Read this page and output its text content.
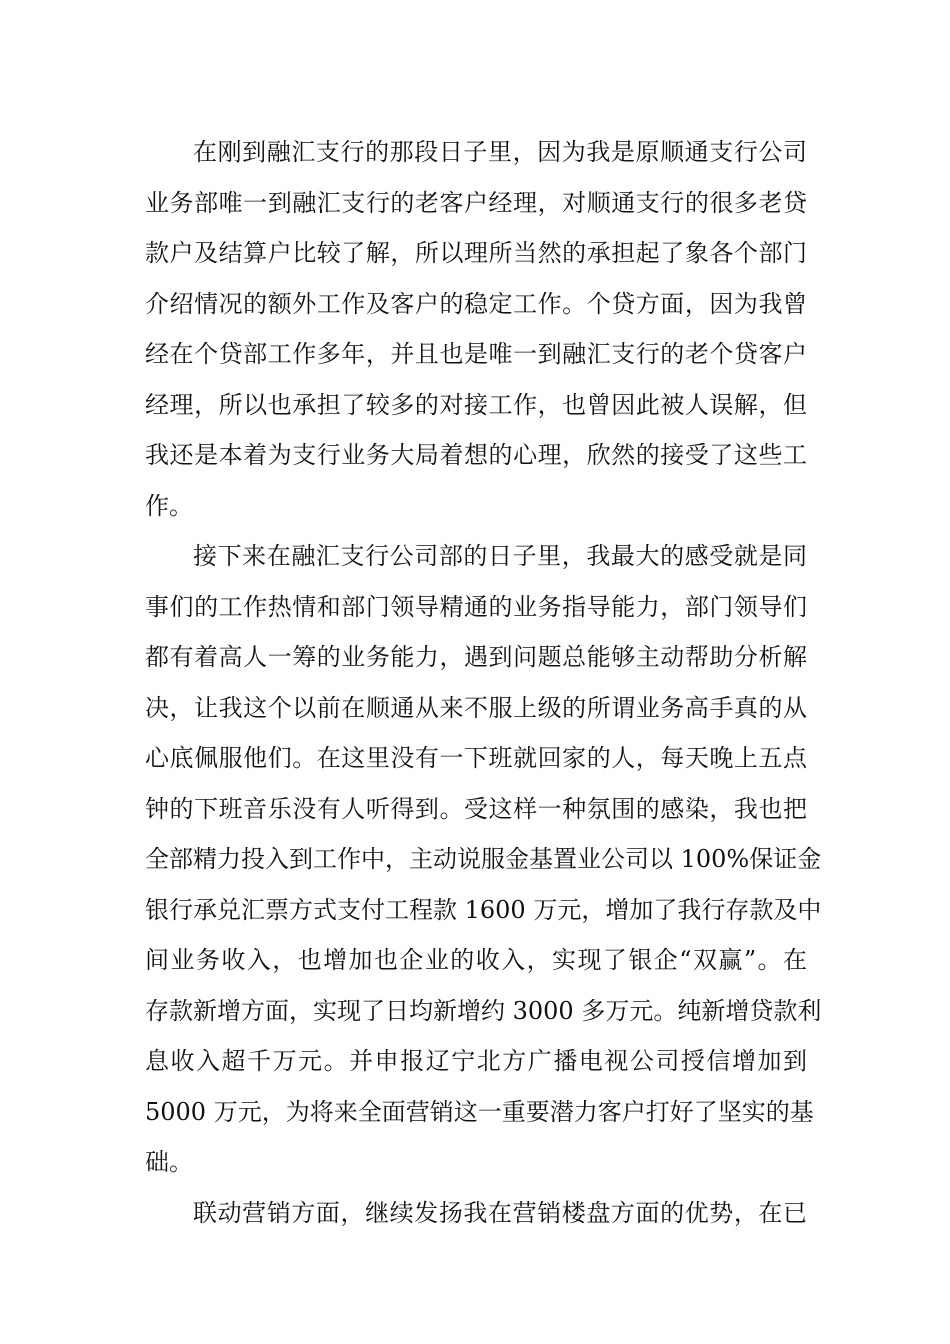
在刚到融汇支行的那段日子里，因为我是原顺通支行公司
业务部唯一到融汇支行的老客户经理，对顺通支行的很多老贷
款户及结算户比较了解，所以理所当然的承担起了象各个部门
介绍情况的额外工作及客户的稳定工作。个贷方面，因为我曾
经在个贷部工作多年，并且也是唯一到融汇支行的老个贷客户
经理，所以也承担了较多的对接工作，也曾因此被人误解，但
我还是本着为支行业务大局着想的心理，欣然的接受了这些工
作。
接下来在融汇支行公司部的日子里，我最大的感受就是同
事们的工作热情和部门领导精通的业务指导能力，部门领导们
都有着高人一筹的业务能力，遇到问题总能够主动帮助分析解
决，让我这个以前在顺通从来不服上级的所谓业务高手真的从
心底佩服他们。在这里没有一下班就回家的人，每天晚上五点
钟的下班音乐没有人听得到。受这样一种氛围的感染，我也把
全部精力投入到工作中，主动说服金基置业公司以 100%保证金
银行承兑汇票方式支付工程款 1600 万元，增加了我行存款及中
间业务收入，也增加也企业的收入，实现了银企“双赢”。在
存款新增方面，实现了日均新增约 3000 多万元。纯新增贷款利
息收入超千万元。并申报辽宁北方广播电视公司授信增加到
5000 万元，为将来全面营销这一重要潜力客户打好了坚实的基
础。
联动营销方面，继续发扬我在营销楼盘方面的优势，在已
